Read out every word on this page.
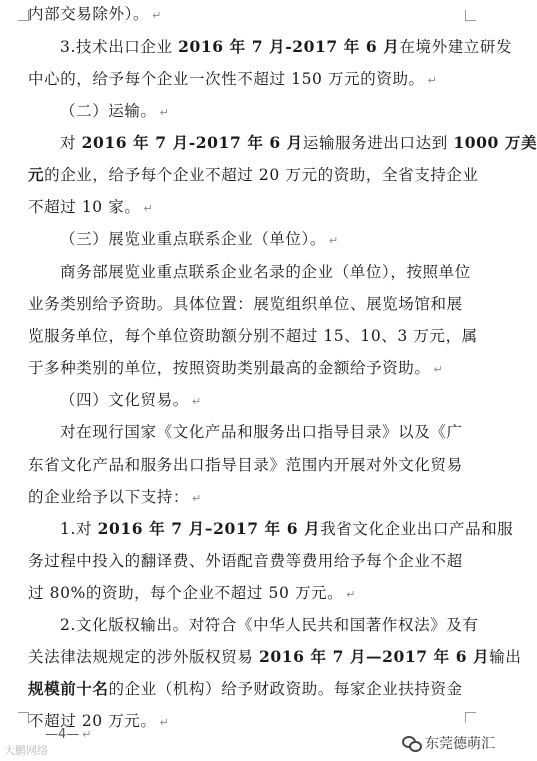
内部交易除外）。 ↵
3.技术出口企业 2016 年 7 月-2017 年 6 月在境外建立研发
中心的，给予每个企业一次性不超过 150 万元的资助。 ↵
（二）运输。 ↵
对 2016 年 7 月-2017 年 6 月运输服务进出口达到 1000 万美
元的企业，给予每个企业不超过 20 万元的资助，全省支持企业
不超过 10 家。 ↵
（三）展览业重点联系企业（单位）。 ↵
商务部展览业重点联系企业名录的企业（单位），按照单位
业务类别给予资助。具体位置：展览组织单位、展览场馆和展
览服务单位，每个单位资助额分别不超过 15、10、3 万元，属
于多种类别的单位，按照资助类别最高的金额给予资助。 ↵
（四）文化贸易。 ↵
对在现行国家《文化产品和服务出口指导目录》以及《广
东省文化产品和服务出口指导目录》范围内开展对外文化贸易
的企业给予以下支持： ↵
1.对 2016 年 7 月–2017 年 6 月我省文化企业出口产品和服
务过程中投入的翻译费、外语配音费等费用给予每个企业不超
过 80%的资助，每个企业不超过 50 万元。 ↵
2.文化版权输出。对符合《中华人民共和国著作权法》及有
关法律法规规定的涉外版权贸易 2016 年 7 月—2017 年 6 月输出
规模前十名的企业（机构）给予财政资助。每家企业扶持资金
不超过 20 万元。 ↵
—4— ↵
大鹏网络	东莞德萌汇
